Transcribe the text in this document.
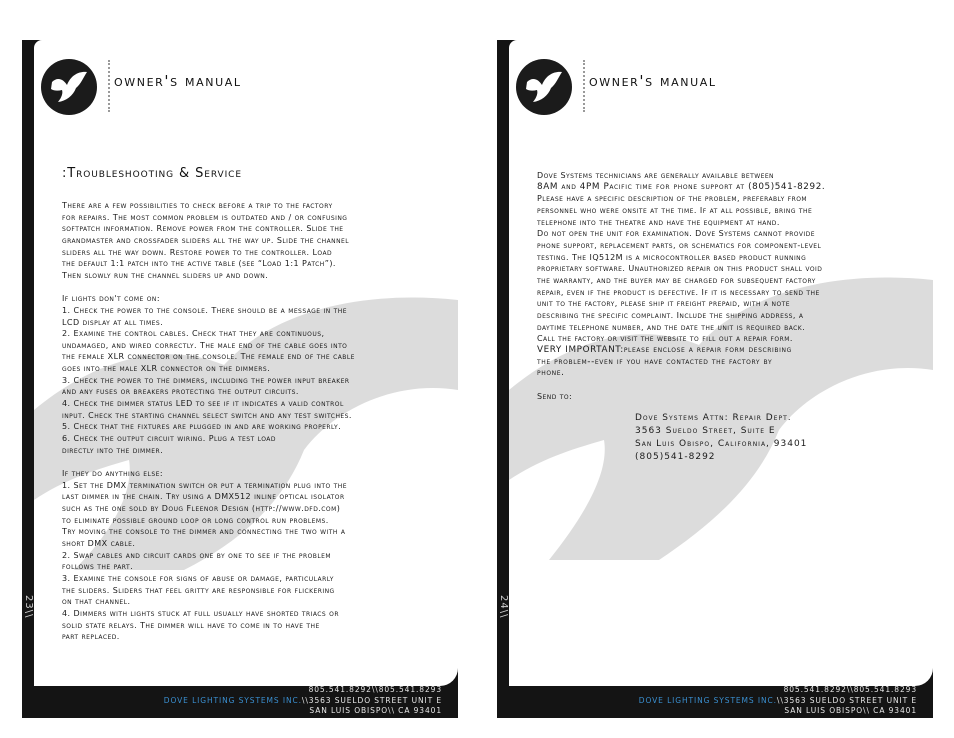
owner's manual
:Troubleshooting & Service

There are a few possibilities to check before a trip to the factory

for repairs. The most common problem is outdated and / or confusing

softpatch information. Remove power from the controller. Slide the

grandmaster and crossfader sliders all the way up. Slide the channel

sliders all the way down. Restore power to the controller. Load

the default 1:1 patch into the active table (see “Load 1:1 Patch”).

Then slowly run the channel sliders up and down.

If lights don't come on:

1. Check the power to the console. There should be a message in the

LCD display at all times.

2. Examine the control cables. Check that they are continuous,

undamaged, and wired correctly. The male end of the cable goes into

the female XLR connector on the console. The female end of the cable

goes into the male XLR connector on the dimmers.

3. Check the power to the dimmers, including the power input breaker

and any fuses or breakers protecting the output circuits.

4. Check the dimmer status LED to see if it indicates a valid control

input. Check the starting channel select switch and any test switches.

5. Check that the fixtures are plugged in and are working properly.

6. Check the output circuit wiring. Plug a test load

directly into the dimmer.

If they do anything else:

1. Set the DMX termination switch or put a termination plug into the

last dimmer in the chain. Try using a DMX512 inline optical isolator

such as the one sold by Doug Fleenor Design (http://www.dfd.com)

to eliminate possible ground loop or long control run problems.

Try moving the console to the dimmer and connecting the two with a

short DMX cable.

2. Swap cables and circuit cards one by one to see if the problem

follows the part.

3. Examine the console for signs of abuse or damage, particularly

the sliders. Sliders that feel gritty are responsible for flickering

on that channel.

4. Dimmers with lights stuck at full usually have shorted triacs or

solid state relays. The dimmer will have to come in to have the

part replaced.

23\\
805.541.8292\\805.541.8293
DOVE LIGHTING SYSTEMS INC.\\3563 SUELDO STREET UNIT E
SAN LUIS OBISPO\\ CA 93401
owner's manual

Dove Systems technicians are generally available between

8AM and 4PM Pacific time for phone support at (805)541-8292.

Please have a specific description of the problem, preferably from

personnel who were onsite at the time. If at all possible, bring the

telephone into the theatre and have the equipment at hand.

Do not open the unit for examination. Dove Systems cannot provide

phone support, replacement parts, or schematics for component-level

testing. The IQ512M is a microcontroller based product running

proprietary software. Unauthorized repair on this product shall void

the warranty, and the buyer may be charged for subsequent factory

repair, even if the product is defective. If it is necessary to send the

unit to the factory, please ship it freight prepaid, with a note

describing the specific complaint. Include the shipping address, a

daytime telephone number, and the date the unit is required back.

Call the factory or visit the website to fill out a repair form.

VERY IMPORTANT:please enclose a repair form describing

the problem--even if you have contacted the factory by

phone.

Send to:

Dove Systems Attn: Repair Dept.

3563 Sueldo Street, Suite E

San Luis Obispo, California, 93401

(805)541-8292

24\\
805.541.8292\\805.541.8293
DOVE LIGHTING SYSTEMS INC.\\3563 SUELDO STREET UNIT E
SAN LUIS OBISPO\\ CA 93401
